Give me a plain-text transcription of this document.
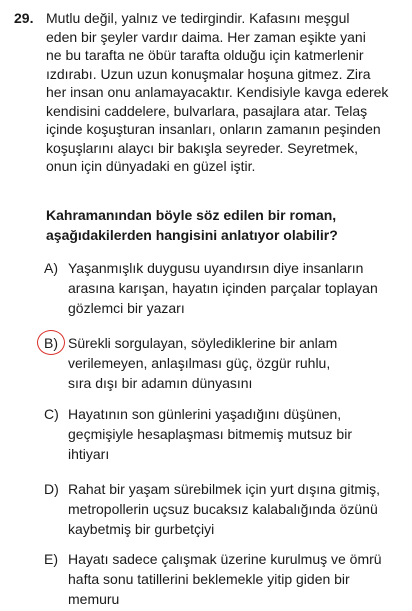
29. Mutlu değil, yalnız ve tedirgindir. Kafasını meşgul
eden bir şeyler vardır daima. Her zaman eşikte yani
ne bu tarafta ne öbür tarafta olduğu için katmerlenir
ızdırabı. Uzun uzun konuşmalar hoşuna gitmez. Zira
her insan onu anlamayacaktır. Kendisiyle kavga ederek
kendisini caddelere, bulvarlara, pasajlara atar. Telaş
içinde koşuşturan insanları, onların zamanın peşinden
koşuşlarını alaycı bir bakışla seyreder. Seyretmek,
onun için dünyadaki en güzel iştir.
Kahramanından böyle söz edilen bir roman,
aşağıdakilerden hangisini anlatıyor olabilir?
A) Yaşanmışlık duygusu uyandırsın diye insanların
arasına karışan, hayatın içinden parçalar toplayan
gözlemci bir yazarı
B) Sürekli sorgulayan, söylediklerine bir anlam
verilemeyen, anlaşılması güç, özgür ruhlu,
sıra dışı bir adamın dünyasını
C) Hayatının son günlerini yaşadığını düşünen,
geçmişiyle hesaplaşması bitmemiş mutsuz bir
ihtiyarı
D) Rahat bir yaşam sürebilmek için yurt dışına gitmiş,
metropollerin uçsuz bucaksız kalabalığında özünü
kaybetmiş bir gurbetçiyi
E) Hayatı sadece çalışmak üzerine kurulmuş ve ömrü
hafta sonu tatillerini beklemekle yitip giden bir
memuru
